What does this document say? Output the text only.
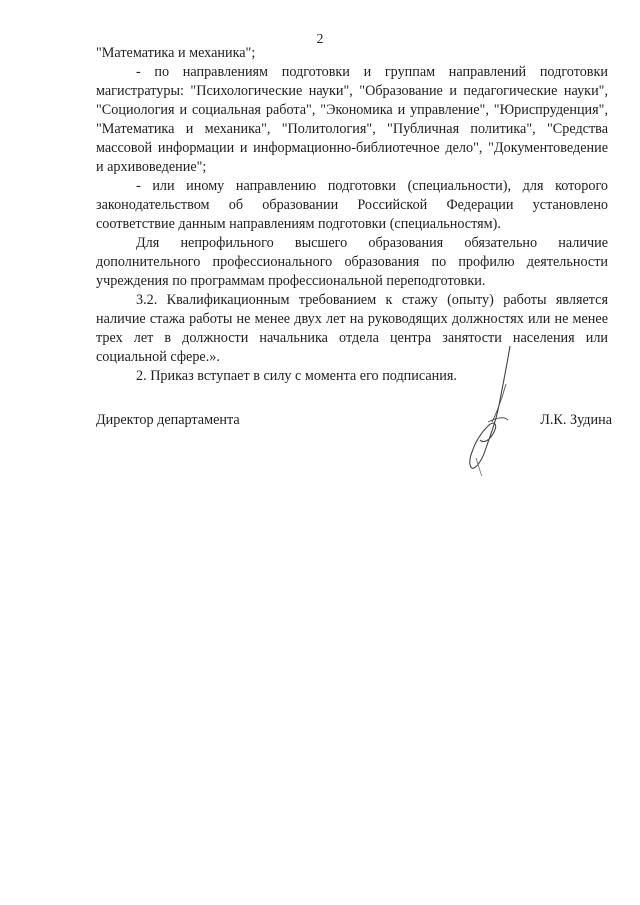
2

"Математика и механика";

- по направлениям подготовки и группам направлений подготовки магистратуры: "Психологические науки", "Образование и педагогические науки", "Социология и социальная работа", "Экономика и управление", "Юриспруденция", "Математика и механика", "Политология", "Публичная политика", "Средства массовой информации и информационно-библиотечное дело", "Документоведение и архивоведение";

- или иному направлению подготовки (специальности), для которого законодательством об образовании Российской Федерации установлено соответствие данным направлениям подготовки (специальностям).

Для непрофильного высшего образования обязательно наличие дополнительного профессионального образования по профилю деятельности учреждения по программам профессиональной переподготовки.

3.2. Квалификационным требованием к стажу (опыту) работы является наличие стажа работы не менее двух лет на руководящих должностях или не менее трех лет в должности начальника отдела центра занятости населения или социальной сфере.».

2. Приказ вступает в силу с момента его подписания.

Директор департамента	Л.К. Зудина
